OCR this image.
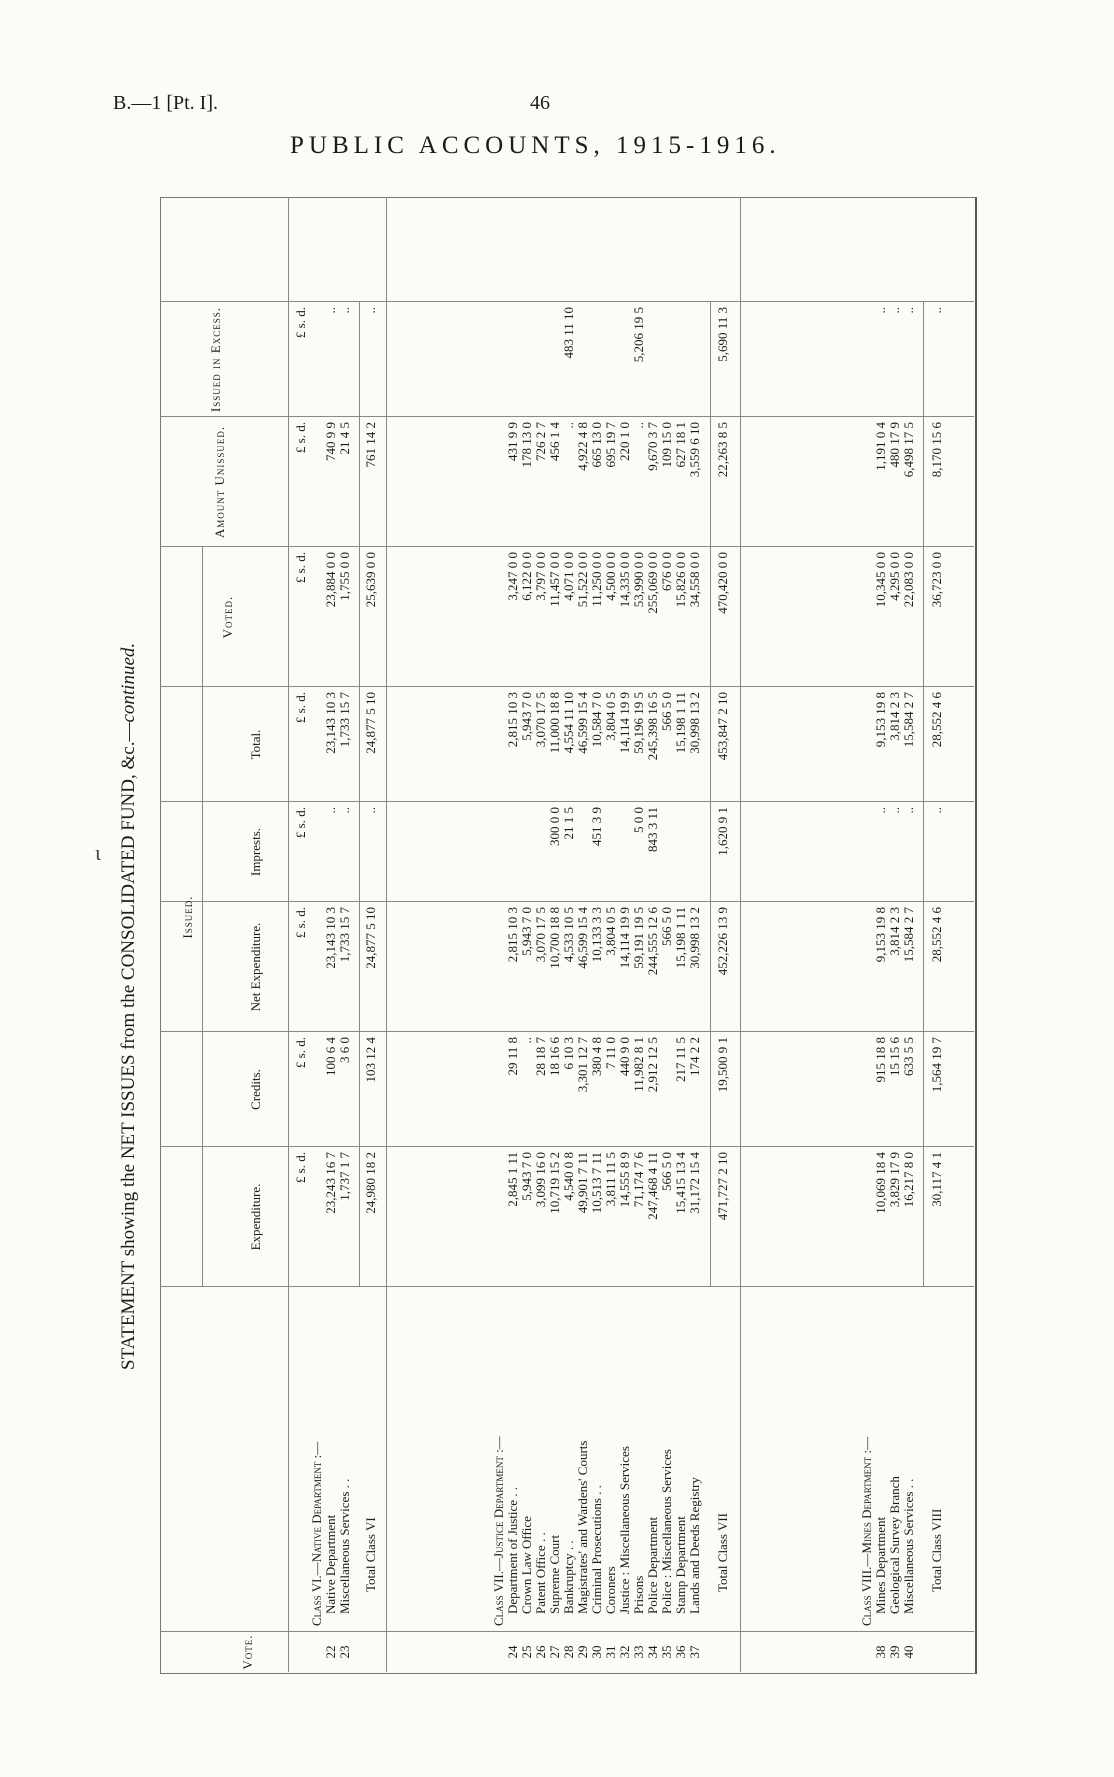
B.—1 [Pt. I].	46
PUBLIC ACCOUNTS, 1915-1916.
STATEMENT showing the NET ISSUES from the CONSOLIDATED FUND, &c.—continued.
Vote.
Issued.
Expenditure.
Credits.
Net Expenditure.
Imprests.
Total.
Voted.
Amount Unissued.
Issued in Excess.
£ s. d.
£ s. d.
£ s. d.
£ s. d.
£ s. d.
£ s. d.
£ s. d.
£ s. d.
Class VI.—Native Department :—
22
Native Department
23,243 16 7
100 6 4
23,143 10 3
..
23,143 10 3
23,884 0 0
740 9 9
..
23
Miscellaneous Services . .
1,737 1 7
3 6 0
1,733 15 7
..
1,733 15 7
1,755 0 0
21 4 5
..
Total Class VI
24,980 18 2
103 12 4
24,877 5 10
..
24,877 5 10
25,639 0 0
761 14 2
..
Class VII.—Justice Department :—
24
Department of Justice . .
2,845 1 11
29 11 8
2,815 10 3
2,815 10 3
3,247 0 0
431 9 9
25
Crown Law Office
5,943 7 0
..
5,943 7 0
5,943 7 0
6,122 0 0
178 13 0
26
Patent Office . .
3,099 16 0
28 18 7
3,070 17 5
3,070 17 5
3,797 0 0
726 2 7
27
Supreme Court
10,719 15 2
18 16 6
10,700 18 8
300 0 0
11,000 18 8
11,457 0 0
456 1 4
28
Bankruptcy . .
4,540 0 8
6 10 3
4,533 10 5
21 1 5
4,554 11 10
4,071 0 0
..
483 11 10
29
Magistrates' and Wardens' Courts
49,901 7 11
3,301 12 7
46,599 15 4
46,599 15 4
51,522 0 0
4,922 4 8
30
Criminal Prosecutions . .
10,513 7 11
380 4 8
10,133 3 3
451 3 9
10,584 7 0
11,250 0 0
665 13 0
31
Coroners
3,811 11 5
7 11 0
3,804 0 5
3,804 0 5
4,500 0 0
695 19 7
32
Justice : Miscellaneous Services
14,555 8 9
440 9 0
14,114 19 9
14,114 19 9
14,335 0 0
220 1 0
33
Prisons
71,174 7 6
11,982 8 1
59,191 19 5
5 0 0
59,196 19 5
53,990 0 0
..
5,206 19 5
34
Police Department
247,468 4 11
2,912 12 5
244,555 12 6
843 3 11
245,398 16 5
255,069 0 0
9,670 3 7
35
Police : Miscellaneous Services
566 5 0
566 5 0
566 5 0
676 0 0
109 15 0
36
Stamp Department
15,415 13 4
217 11 5
15,198 1 11
15,198 1 11
15,826 0 0
627 18 1
37
Lands and Deeds Registry
31,172 15 4
174 2 2
30,998 13 2
30,998 13 2
34,558 0 0
3,559 6 10
Total Class VII
471,727 2 10
19,500 9 1
452,226 13 9
1,620 9 1
453,847 2 10
470,420 0 0
22,263 8 5
5,690 11 3
Class VIII.—Mines Department :—
38
Mines Department
10,069 18 4
915 18 8
9,153 19 8
..
9,153 19 8
10,345 0 0
1,191 0 4
..
39
Geological Survey Branch
3,829 17 9
15 15 6
3,814 2 3
..
3,814 2 3
4,295 0 0
480 17 9
..
40
Miscellaneous Services . .
16,217 8 0
633 5 5
15,584 2 7
..
15,584 2 7
22,083 0 0
6,498 17 5
..
Total Class VIII
30,117 4 1
1,564 19 7
28,552 4 6
..
28,552 4 6
36,723 0 0
8,170 15 6
..
ɩ
